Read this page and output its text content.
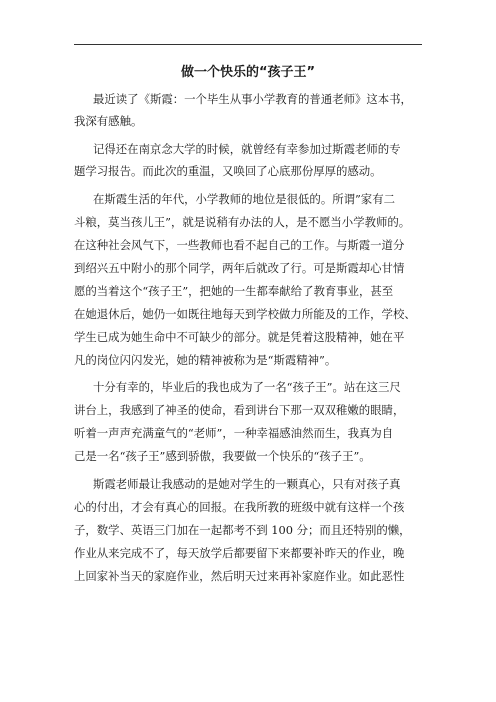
做一个快乐的“孩子王”
最近读了《斯霞：一个毕生从事小学教育的普通老师》这本书，
我深有感触。
记得还在南京念大学的时候，就曾经有幸参加过斯霞老师的专
题学习报告。而此次的重温，又唤回了心底那份厚厚的感动。
在斯霞生活的年代，小学教师的地位是很低的。所谓”家有二
斗粮，莫当孩儿王”，就是说稍有办法的人，是不愿当小学教师的。
在这种社会风气下，一些教师也看不起自己的工作。与斯霞一道分
到绍兴五中附小的那个同学，两年后就改了行。可是斯霞却心甘情
愿的当着这个“孩子王”，把她的一生都奉献给了教育事业，甚至
在她退休后，她仍一如既往地每天到学校做力所能及的工作，学校、
学生已成为她生命中不可缺少的部分。就是凭着这股精神，她在平
凡的岗位闪闪发光，她的精神被称为是“斯霞精神”。
十分有幸的，毕业后的我也成为了一名“孩子王”。站在这三尺
讲台上，我感到了神圣的使命，看到讲台下那一双双稚嫩的眼睛，
听着一声声充满童气的“老师”，一种幸福感油然而生，我真为自
己是一名“孩子王”感到骄傲，我要做一个快乐的“孩子王”。
斯霞老师最让我感动的是她对学生的一颗真心，只有对孩子真
心的付出，才会有真心的回报。在我所教的班级中就有这样一个孩
子，数学、英语三门加在一起都考不到 100 分；而且还特别的懒，
作业从来完成不了，每天放学后都要留下来都要补昨天的作业，晚
上回家补当天的家庭作业，然后明天过来再补家庭作业。如此恶性
